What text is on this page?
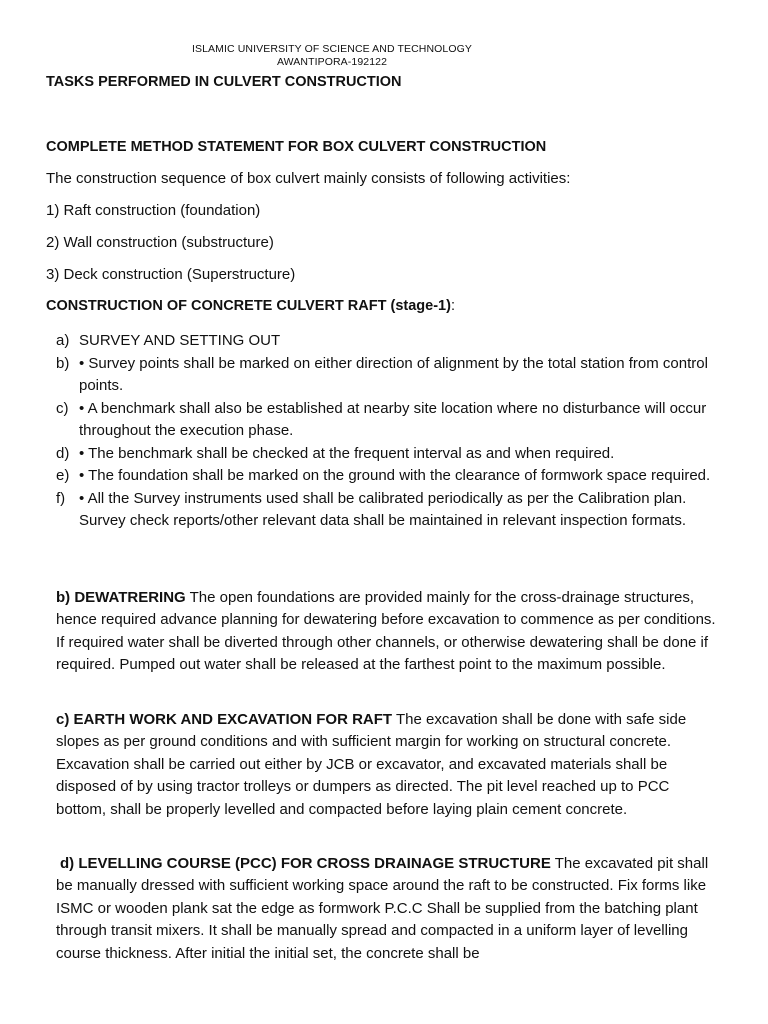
ISLAMIC UNIVERSITY OF SCIENCE AND TECHNOLOGY
AWANTIPORA-192122
TASKS PERFORMED IN CULVERT CONSTRUCTION
COMPLETE METHOD STATEMENT FOR BOX CULVERT CONSTRUCTION
The construction sequence of box culvert mainly consists of following activities:
1) Raft construction (foundation)
2) Wall construction (substructure)
3) Deck construction (Superstructure)
CONSTRUCTION OF CONCRETE CULVERT RAFT (stage-1):
a) SURVEY AND SETTING OUT
b) • Survey points shall be marked on either direction of alignment by the total station from control points.
c) • A benchmark shall also be established at nearby site location where no disturbance will occur throughout the execution phase.
d) • The benchmark shall be checked at the frequent interval as and when required.
e) • The foundation shall be marked on the ground with the clearance of formwork space required.
f) • All the Survey instruments used shall be calibrated periodically as per the Calibration plan. Survey check reports/other relevant data shall be maintained in relevant inspection formats.
b) DEWATRERING The open foundations are provided mainly for the cross-drainage structures, hence required advance planning for dewatering before excavation to commence as per conditions. If required water shall be diverted through other channels, or otherwise dewatering shall be done if required. Pumped out water shall be released at the farthest point to the maximum possible.
c) EARTH WORK AND EXCAVATION FOR RAFT The excavation shall be done with safe side slopes as per ground conditions and with sufficient margin for working on structural concrete. Excavation shall be carried out either by JCB or excavator, and excavated materials shall be disposed of by using tractor trolleys or dumpers as directed. The pit level reached up to PCC bottom, shall be properly levelled and compacted before laying plain cement concrete.
d) LEVELLING COURSE (PCC) FOR CROSS DRAINAGE STRUCTURE The excavated pit shall be manually dressed with sufficient working space around the raft to be constructed. Fix forms like ISMC or wooden plank sat the edge as formwork P.C.C Shall be supplied from the batching plant through transit mixers. It shall be manually spread and compacted in a uniform layer of levelling course thickness. After initial the initial set, the concrete shall be
